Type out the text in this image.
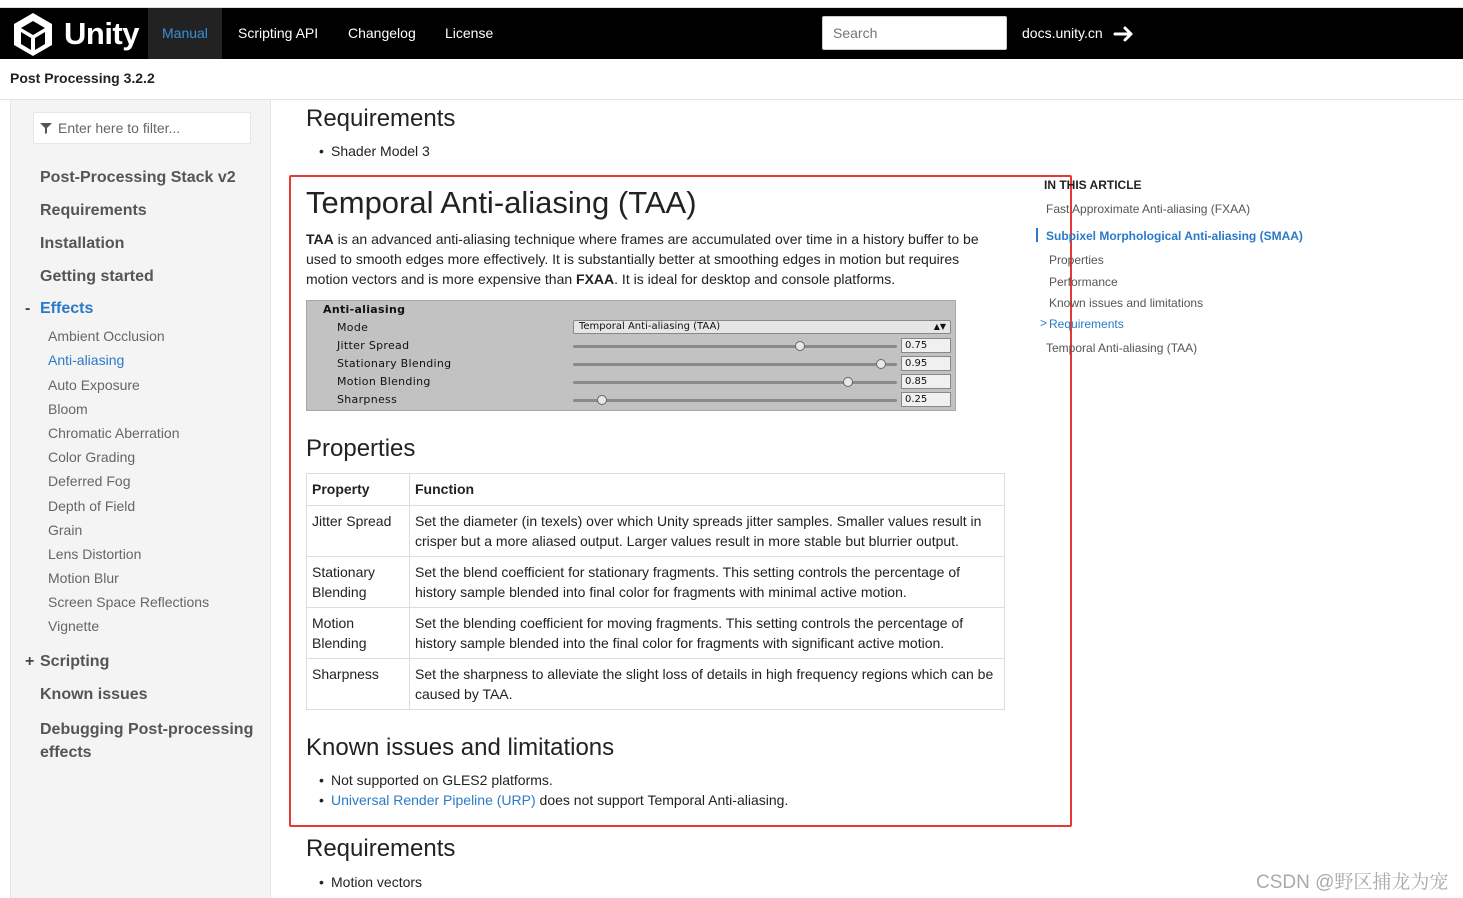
Unity	Manual	Scripting API	Changelog	License
Search	docs.unity.cn
Post Processing 3.2.2
Enter here to filter...
Post-Processing Stack v2
Requirements
Installation
Getting started
- Effects
Ambient Occlusion
Anti-aliasing
Auto Exposure
Bloom
Chromatic Aberration
Color Grading
Deferred Fog
Depth of Field
Grain
Lens Distortion
Motion Blur
Screen Space Reflections
Vignette
+ Scripting
Known issues
Debugging Post-processing effects
Requirements
• Shader Model 3
Temporal Anti-aliasing (TAA)

TAA is an advanced anti-aliasing technique where frames are accumulated over time in a history buffer to be used to smooth edges more effectively. It is substantially better at smoothing edges in motion but requires motion vectors and is more expensive than FXAA. It is ideal for desktop and console platforms.

Anti-aliasing
Mode	Temporal Anti-aliasing (TAA)	▲▼
Jitter Spread	0.75
Stationary Blending	0.95
Motion Blending	0.85
Sharpness	0.25
Properties
Property	Function
Jitter Spread	Set the diameter (in texels) over which Unity spreads jitter samples. Smaller values result in crisper but a more aliased output. Larger values result in more stable but blurrier output.
Stationary Blending	Set the blend coefficient for stationary fragments. This setting controls the percentage of history sample blended into final color for fragments with minimal active motion.
Motion Blending	Set the blending coefficient for moving fragments. This setting controls the percentage of history sample blended into the final color for fragments with significant active motion.
Sharpness	Set the sharpness to alleviate the slight loss of details in high frequency regions which can be caused by TAA.
Known issues and limitations
• Not supported on GLES2 platforms.
• Universal Render Pipeline (URP) does not support Temporal Anti-aliasing.
Requirements
• Motion vectors
IN THIS ARTICLE
Fast Approximate Anti-aliasing (FXAA)
Subpixel Morphological Anti-aliasing (SMAA)
Properties
Performance
Known issues and limitations
> Requirements
Temporal Anti-aliasing (TAA)
CSDN @野区捕龙为宠
